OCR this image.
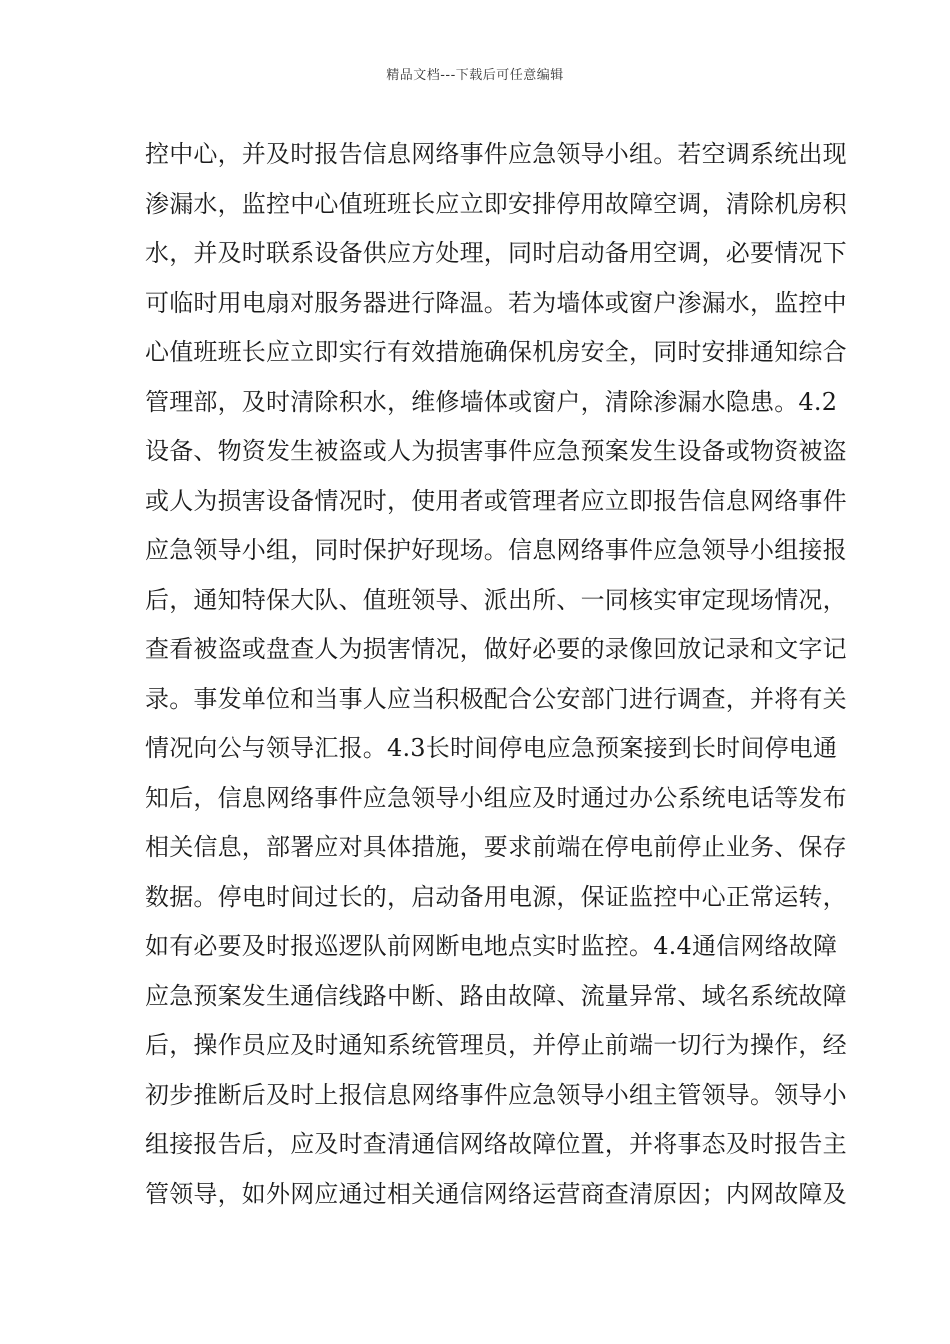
精品文档---下载后可任意编辑
控中心，并及时报告信息网络事件应急领导小组。若空调系统出现
渗漏水，监控中心值班班长应立即安排停用故障空调，清除机房积
水，并及时联系设备供应方处理，同时启动备用空调，必要情况下
可临时用电扇对服务器进行降温。若为墙体或窗户渗漏水，监控中
心值班班长应立即实行有效措施确保机房安全，同时安排通知综合
管理部，及时清除积水，维修墙体或窗户，清除渗漏水隐患。4.2
设备、物资发生被盗或人为损害事件应急预案发生设备或物资被盗
或人为损害设备情况时，使用者或管理者应立即报告信息网络事件
应急领导小组，同时保护好现场。信息网络事件应急领导小组接报
后，通知特保大队、值班领导、派出所、一同核实审定现场情况，
查看被盗或盘查人为损害情况，做好必要的录像回放记录和文字记
录。事发单位和当事人应当积极配合公安部门进行调查，并将有关
情况向公与领导汇报。4.3长时间停电应急预案接到长时间停电通
知后，信息网络事件应急领导小组应及时通过办公系统电话等发布
相关信息，部署应对具体措施，要求前端在停电前停止业务、保存
数据。停电时间过长的，启动备用电源，保证监控中心正常运转，
如有必要及时报巡逻队前网断电地点实时监控。4.4通信网络故障
应急预案发生通信线路中断、路由故障、流量异常、域名系统故障
后，操作员应及时通知系统管理员，并停止前端一切行为操作，经
初步推断后及时上报信息网络事件应急领导小组主管领导。领导小
组接报告后，应及时查清通信网络故障位置，并将事态及时报告主
管领导，如外网应通过相关通信网络运营商查清原因；内网故障及
